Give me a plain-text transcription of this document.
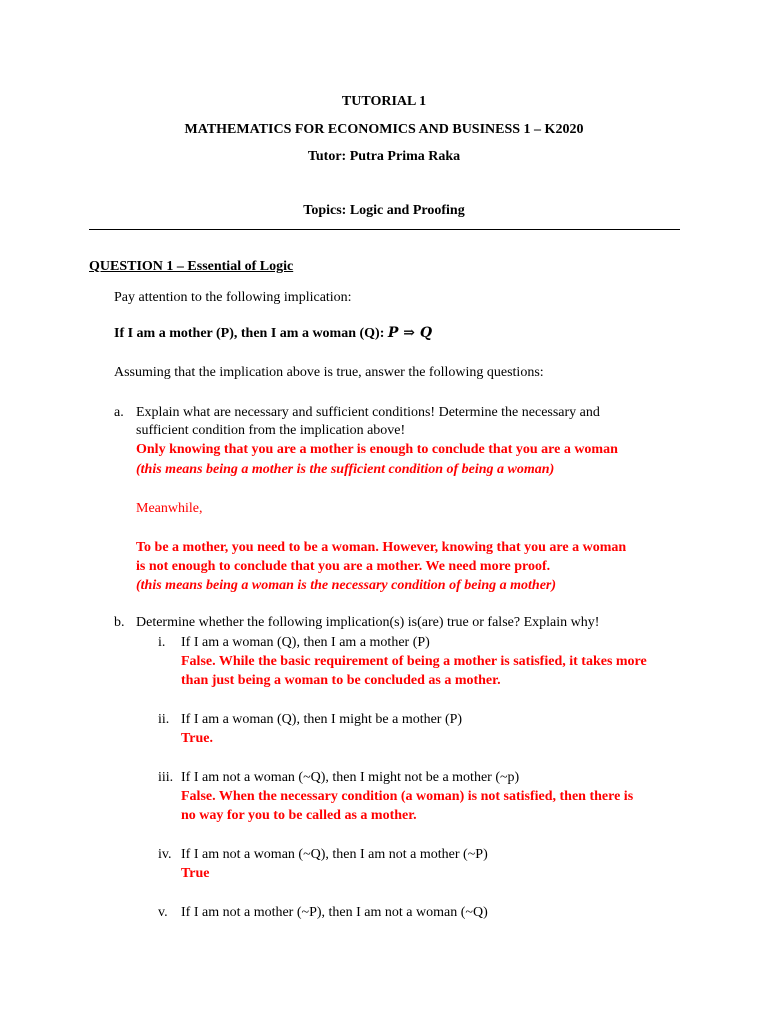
TUTORIAL 1
MATHEMATICS FOR ECONOMICS AND BUSINESS 1 – K2020
Tutor: Putra Prima Raka
Topics: Logic and Proofing
QUESTION 1 – Essential of Logic
Pay attention to the following implication:
If I am a mother (P), then I am a woman (Q): P ⇒ Q
Assuming that the implication above is true, answer the following questions:
a. Explain what are necessary and sufficient conditions! Determine the necessary and
sufficient condition from the implication above!
Only knowing that you are a mother is enough to conclude that you are a woman
(this means being a mother is the sufficient condition of being a woman)
Meanwhile,
To be a mother, you need to be a woman. However, knowing that you are a woman
is not enough to conclude that you are a mother. We need more proof.
(this means being a woman is the necessary condition of being a mother)
b. Determine whether the following implication(s) is(are) true or false? Explain why!
i. If I am a woman (Q), then I am a mother (P)
False. While the basic requirement of being a mother is satisfied, it takes more
than just being a woman to be concluded as a mother.
ii. If I am a woman (Q), then I might be a mother (P)
True.
iii. If I am not a woman (~Q), then I might not be a mother (~p)
False. When the necessary condition (a woman) is not satisfied, then there is
no way for you to be called as a mother.
iv. If I am not a woman (~Q), then I am not a mother (~P)
True
v. If I am not a mother (~P), then I am not a woman (~Q)
